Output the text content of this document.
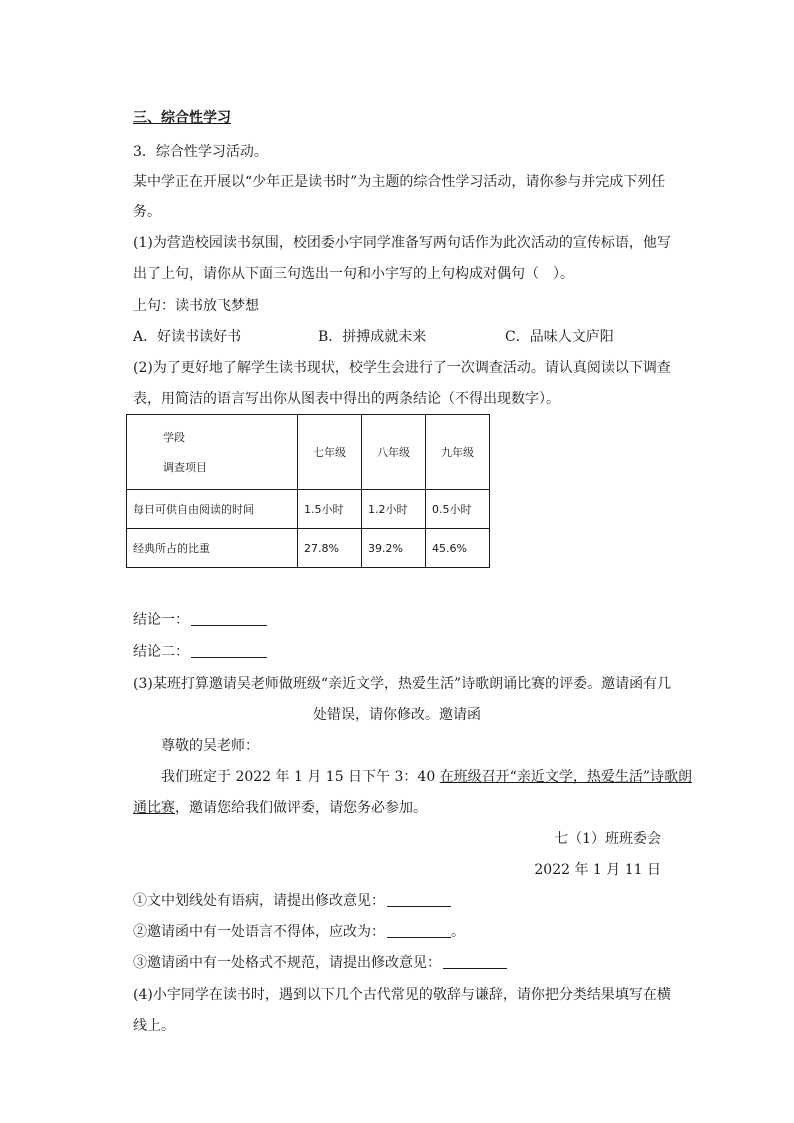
三、综合性学习
3．综合性学习活动。
某中学正在开展以“少年正是读书时”为主题的综合性学习活动，请你参与并完成下列任
务。
(1)为营造校园读书氛围，校团委小宇同学准备写两句话作为此次活动的宣传标语，他写
出了上句，请你从下面三句选出一句和小宇写的上句构成对偶句（　）。
上句：读书放飞梦想
A．好读书读好书	B．拼搏成就未来	C．品味人文庐阳
(2)为了更好地了解学生读书现状，校学生会进行了一次调查活动。请认真阅读以下调查
表，用简洁的语言写出你从图表中得出的两条结论（不得出现数字）。
学段
调查项目	七年级	八年级	九年级
每日可供自由阅读的时间	1.5小时	1.2小时	0.5小时
经典所占的比重	27.8%	39.2%	45.6%
结论一：
结论二：
(3)某班打算邀请吴老师做班级“亲近文学，热爱生活”诗歌朗诵比赛的评委。邀请函有几
处错误，请你修改。邀请函
尊敬的吴老师：
我们班定于 2022 年 1 月 15 日下午 3：40 在班级召开“亲近文学，热爱生活”诗歌朗
通比赛，邀请您给我们做评委，请您务必参加。
七（1）班班委会
2022 年 1 月 11 日
①文中划线处有语病，请提出修改意见：
②邀请函中有一处语言不得体，应改为：	。
③邀请函中有一处格式不规范，请提出修改意见：
(4)小宇同学在读书时，遇到以下几个古代常见的敬辞与谦辞，请你把分类结果填写在横
线上。
